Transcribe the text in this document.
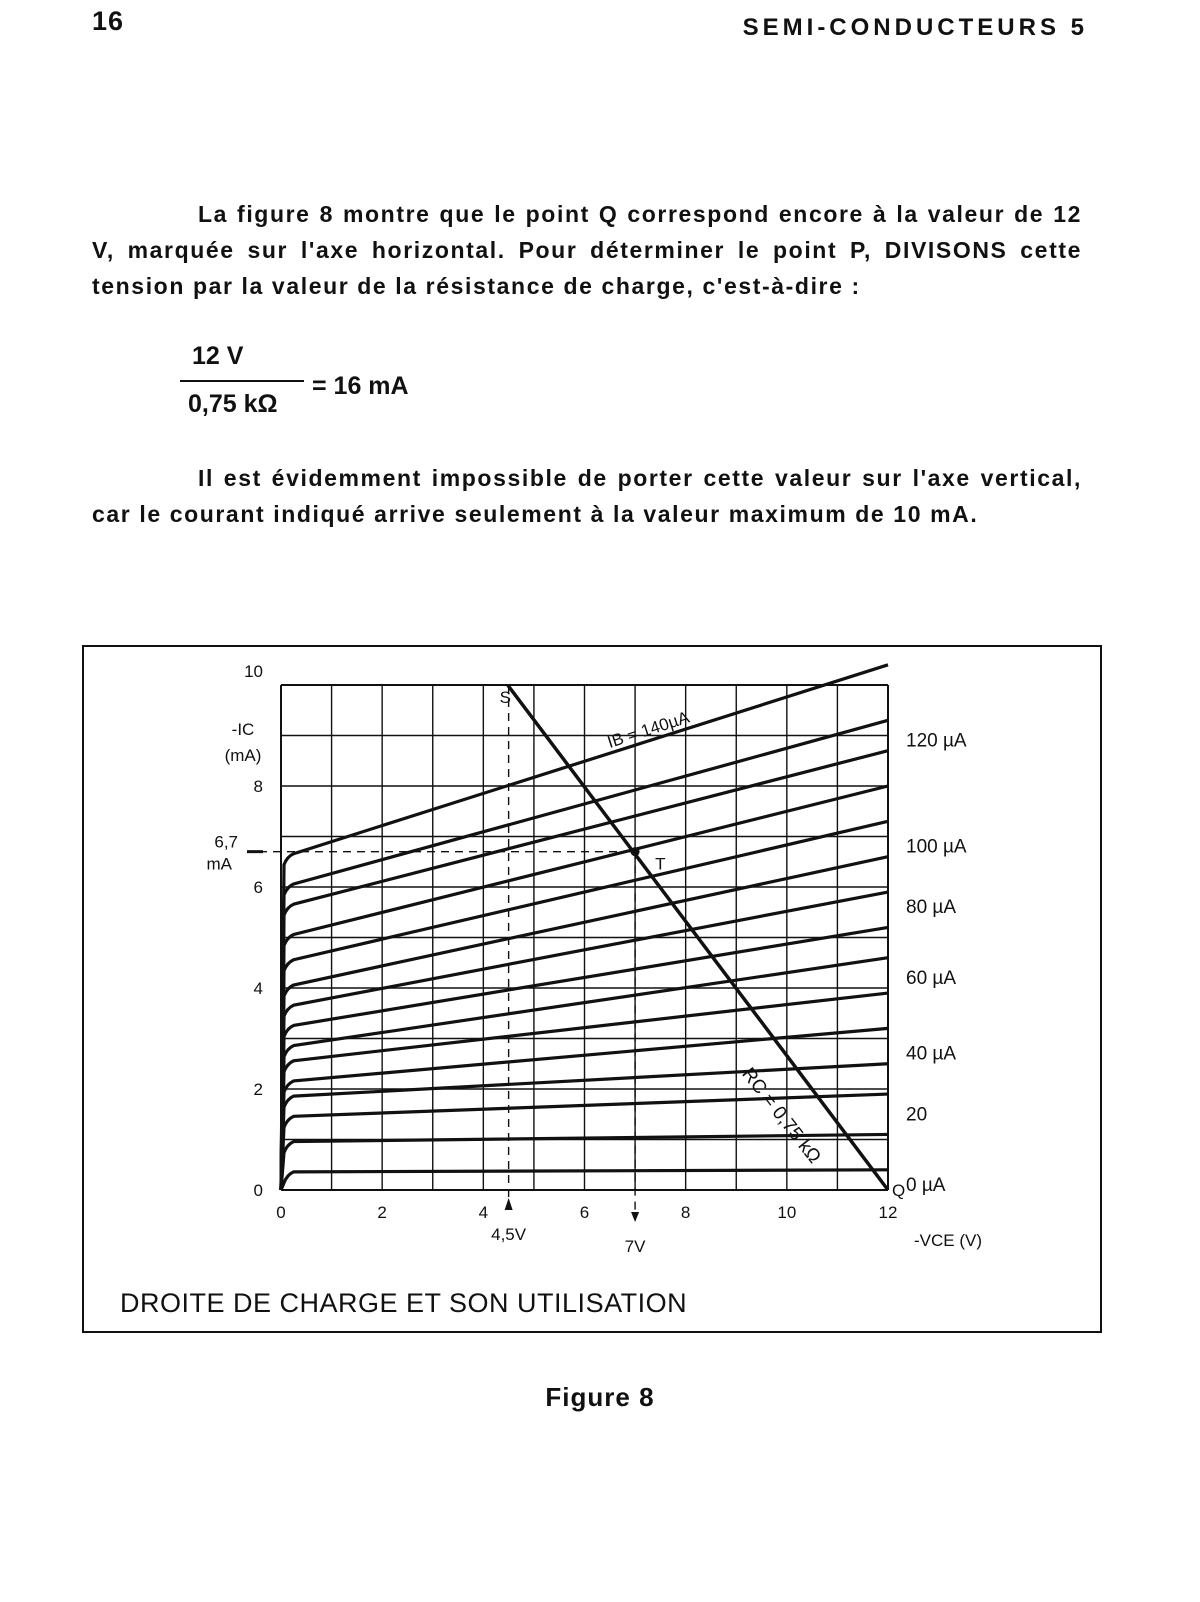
16	SEMI-CONDUCTEURS 5

La figure 8 montre que le point Q correspond encore à la valeur de 12 V, marquée sur l'axe horizontal. Pour déterminer le point P, DIVISONS cette tension par la valeur de la résistance de charge, c'est-à-dire :

12 V
0,75 kΩ
= 16 mA

Il est évidemment impossible de porter cette valeur sur l'axe vertical, car le courant indiqué arrive seulement à la valeur maximum de 10 mA.

0	2	4	6	8	10	12
10
8
6
4
2
0
-IC
(mA)
-VCE (V)
IB = 140µA	120 µA
100 µA
80 µA
60 µA
40 µA
20
0 µA
S
T
Q
RC = 0,75 kΩ
6,7
mA
7V
4,5V
DROITE DE CHARGE ET SON UTILISATION
Figure 8
